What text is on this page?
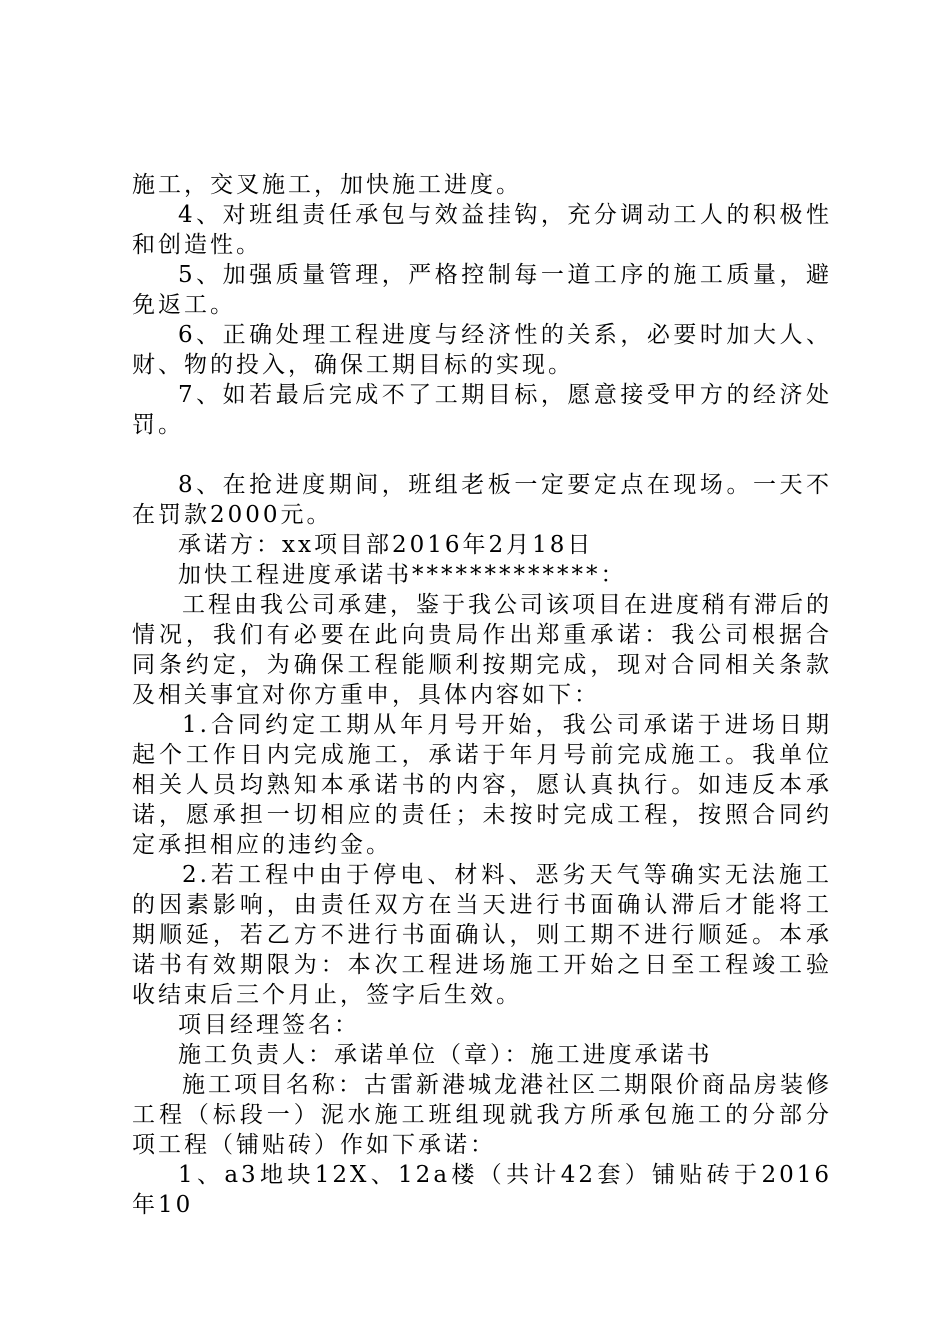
施工，交叉施工，加快施工进度。

4、对班组责任承包与效益挂钩，充分调动工人的积极性和创造性。

5、加强质量管理，严格控制每一道工序的施工质量，避免返工。

6、正确处理工程进度与经济性的关系，必要时加大人、财、物的投入，确保工期目标的实现。

7、如若最后完成不了工期目标，愿意接受甲方的经济处罚。

8、在抢进度期间，班组老板一定要定点在现场。一天不在罚款2000元。

承诺方：xx项目部2016年2月18日

加快工程进度承诺书*************：

工程由我公司承建，鉴于我公司该项目在进度稍有滞后的情况，我们有必要在此向贵局作出郑重承诺：我公司根据合同条约定，为确保工程能顺利按期完成，现对合同相关条款及相关事宜对你方重申，具体内容如下：

1.合同约定工期从年月号开始，我公司承诺于进场日期起个工作日内完成施工，承诺于年月号前完成施工。我单位相关人员均熟知本承诺书的内容，愿认真执行。如违反本承诺，愿承担一切相应的责任；未按时完成工程，按照合同约定承担相应的违约金。

2.若工程中由于停电、材料、恶劣天气等确实无法施工的因素影响，由责任双方在当天进行书面确认滞后才能将工期顺延，若乙方不进行书面确认，则工期不进行顺延。本承诺书有效期限为：本次工程进场施工开始之日至工程竣工验收结束后三个月止，签字后生效。

项目经理签名：

施工负责人：承诺单位（章）：施工进度承诺书

施工项目名称：古雷新港城龙港社区二期限价商品房装修工程（标段一）泥水施工班组现就我方所承包施工的分部分项工程（铺贴砖）作如下承诺：

1、a3地块12X、12a楼（共计42套）铺贴砖于2016年10
